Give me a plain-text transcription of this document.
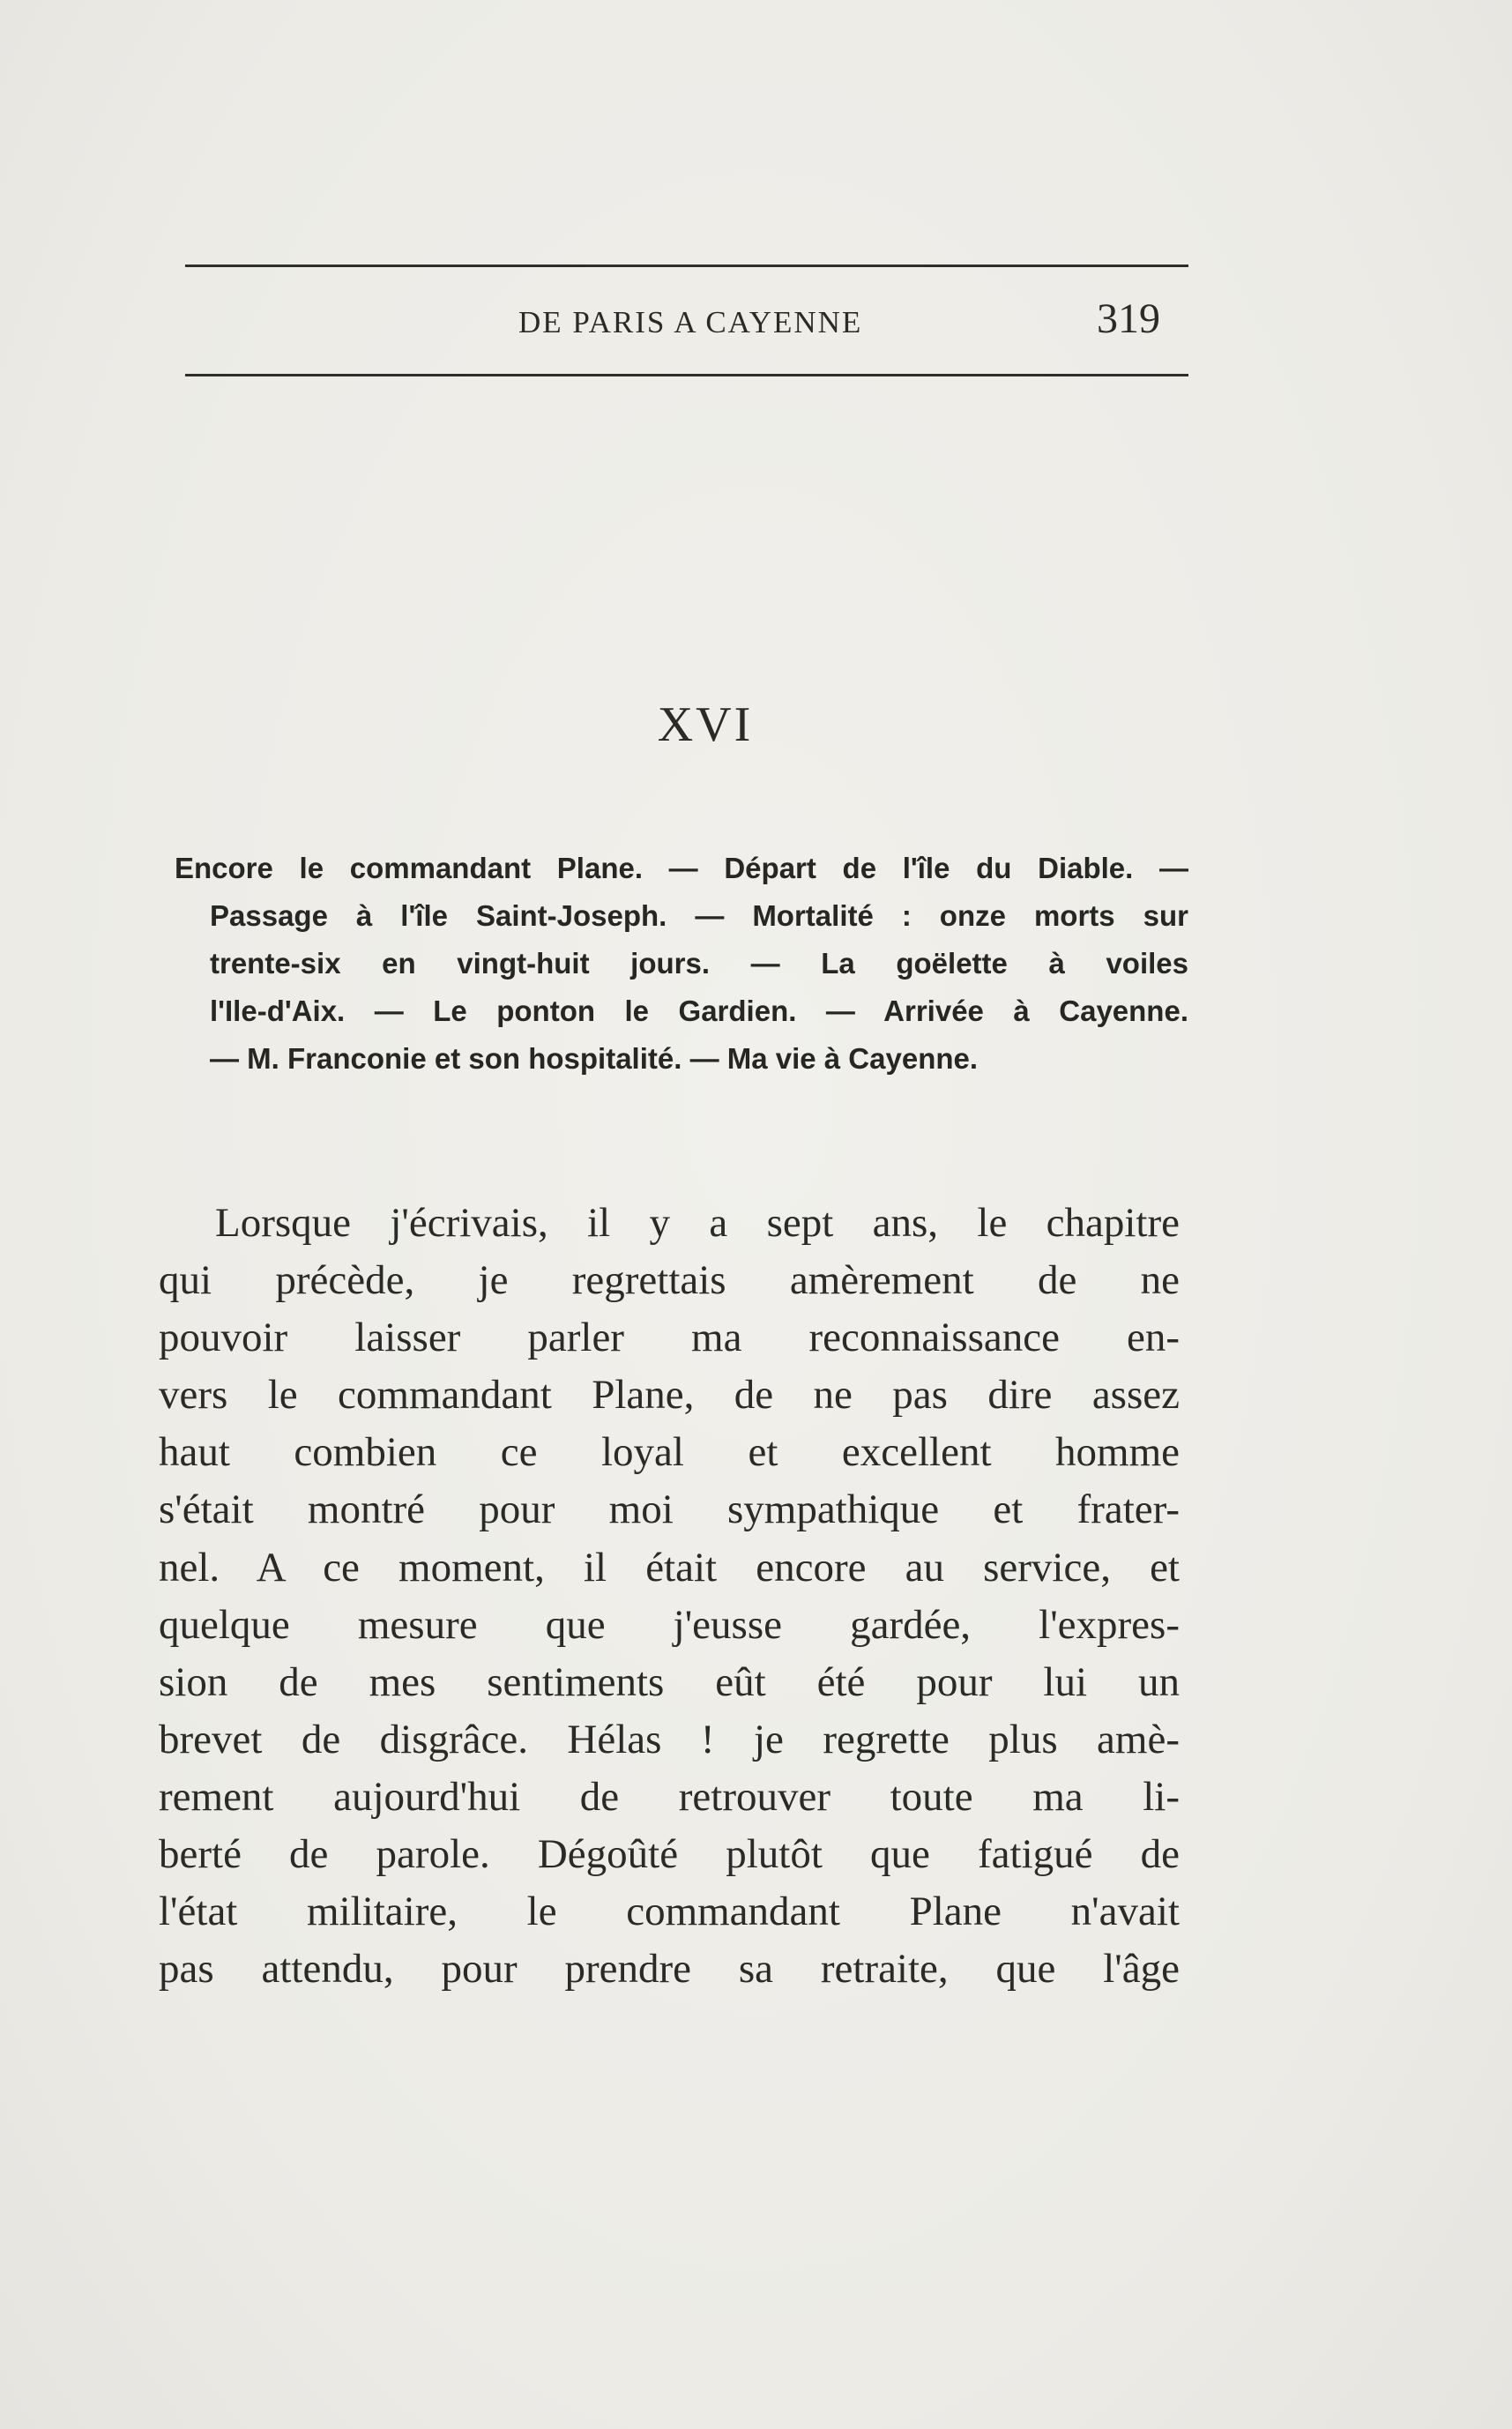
DE PARIS A CAYENNE	319
XVI
Encore le commandant Plane. — Départ de l'île du Diable. —
Passage à l'île Saint-Joseph. — Mortalité : onze morts sur
trente-six en vingt-huit jours. — La goëlette à voiles
l'Ile-d'Aix. — Le ponton le Gardien. — Arrivée à Cayenne.
— M. Franconie et son hospitalité. — Ma vie à Cayenne.
Lorsque j'écrivais, il y a sept ans, le chapitre
qui précède, je regrettais amèrement de ne
pouvoir laisser parler ma reconnaissance en-
vers le commandant Plane, de ne pas dire assez
haut combien ce loyal et excellent homme
s'était montré pour moi sympathique et frater-
nel. A ce moment, il était encore au service, et
quelque mesure que j'eusse gardée, l'expres-
sion de mes sentiments eût été pour lui un
brevet de disgrâce. Hélas ! je regrette plus amè-
rement aujourd'hui de retrouver toute ma li-
berté de parole. Dégoûté plutôt que fatigué de
l'état militaire, le commandant Plane n'avait
pas attendu, pour prendre sa retraite, que l'âge
